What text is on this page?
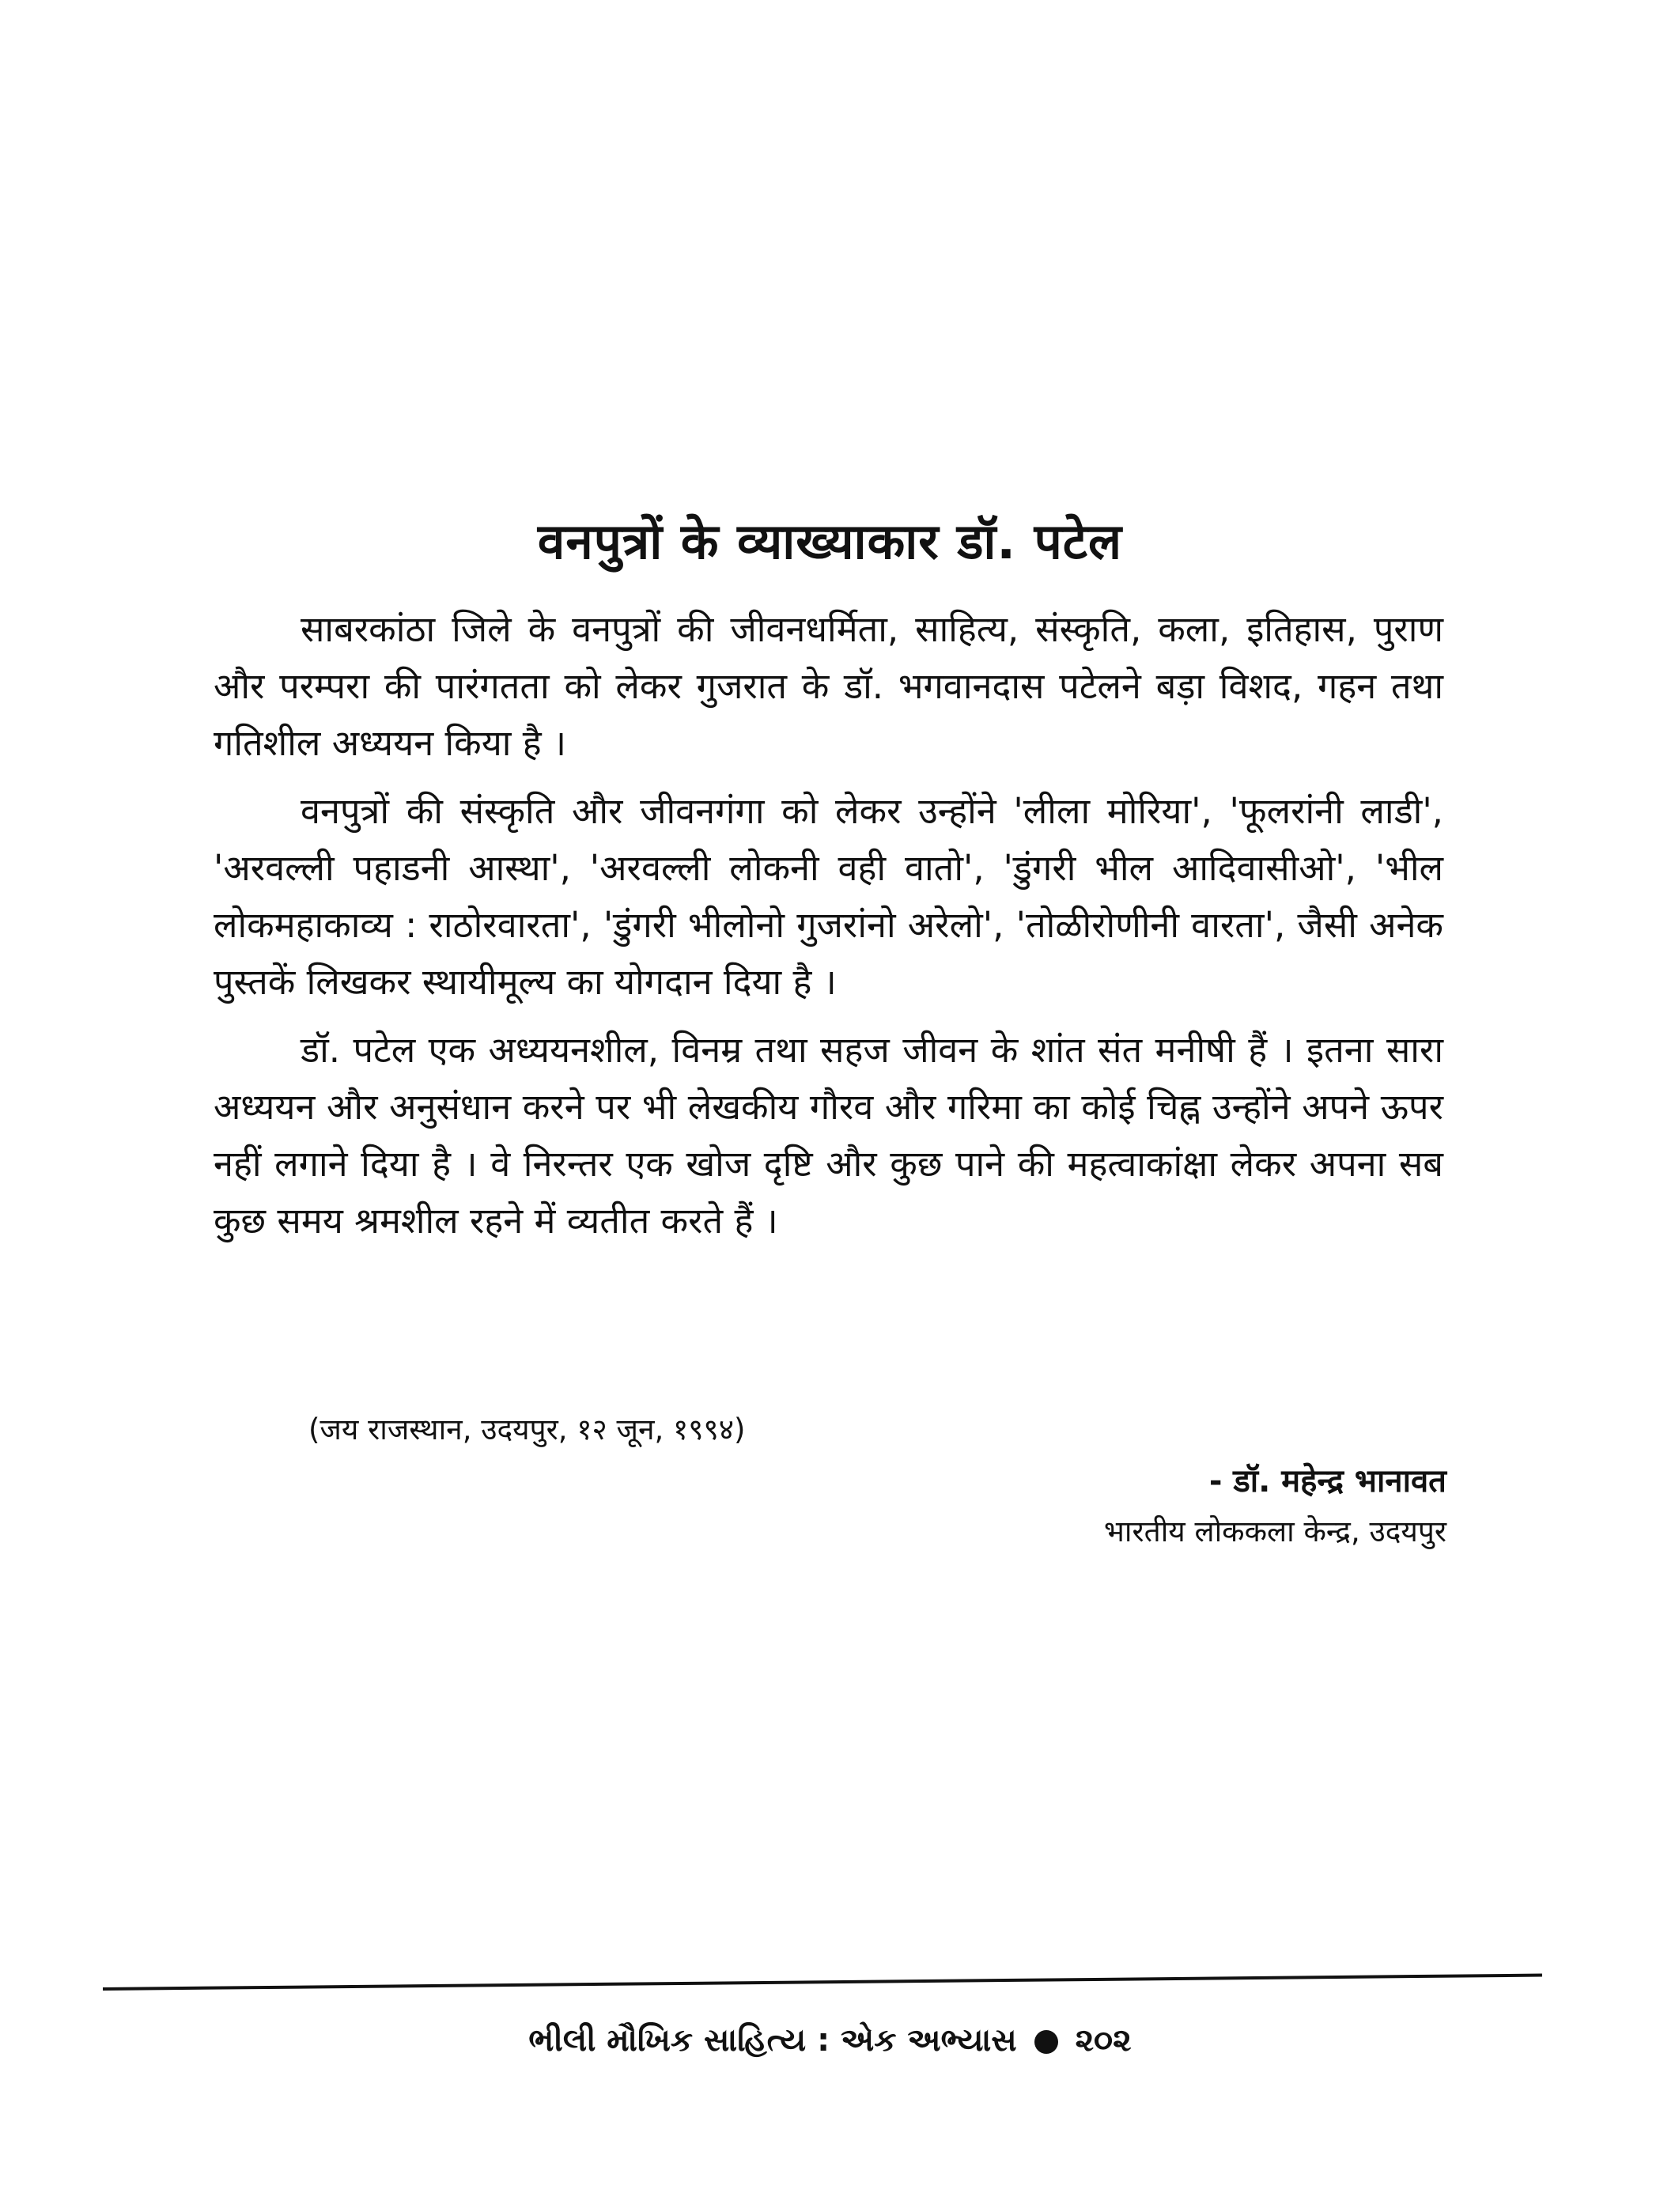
वनपुत्रों के व्याख्याकार डॉ. पटेल

साबरकांठा जिले के वनपुत्रों की जीवनधर्मिता, साहित्य, संस्कृति, कला, इतिहास, पुराण और परम्परा की पारंगतता को लेकर गुजरात के डॉ. भगवानदास पटेलने बड़ा विशद, गहन तथा गतिशील अध्ययन किया है ।

वनपुत्रों की संस्कृति और जीवनगंगा को लेकर उन्होंने 'लीला मोरिया', 'फूलरांनी लाडी', 'अरवल्ली पहाडनी आस्था', 'अरवल्ली लोकनी वही वातो', 'डुंगरी भील आदिवासीओ', 'भील लोकमहाकाव्य : राठोरवारता', 'डुंगरी भीलोनो गुजरांनो अरेलो', 'तोळीरोणीनी वारता', जैसी अनेक पुस्तकें लिखकर स्थायीमूल्य का योगदान दिया है ।

डॉ. पटेल एक अध्ययनशील, विनम्र तथा सहज जीवन के शांत संत मनीषी हैं । इतना सारा अध्ययन और अनुसंधान करने पर भी लेखकीय गौरव और गरिमा का कोई चिह्न उन्होंने अपने ऊपर नहीं लगाने दिया है । वे निरन्तर एक खोज दृष्टि और कुछ पाने की महत्वाकांक्षा लेकर अपना सब कुछ समय श्रमशील रहने में व्यतीत करते हैं ।

(जय राजस्थान, उदयपुर, १२ जून, १९९४)
- डॉ. महेन्द्र भानावत
भारतीय लोककला केन्द्र, उदयपुर
ભીલી મૌખિક સાહિત્ય : એક અભ્યાસ ૨૦૨
